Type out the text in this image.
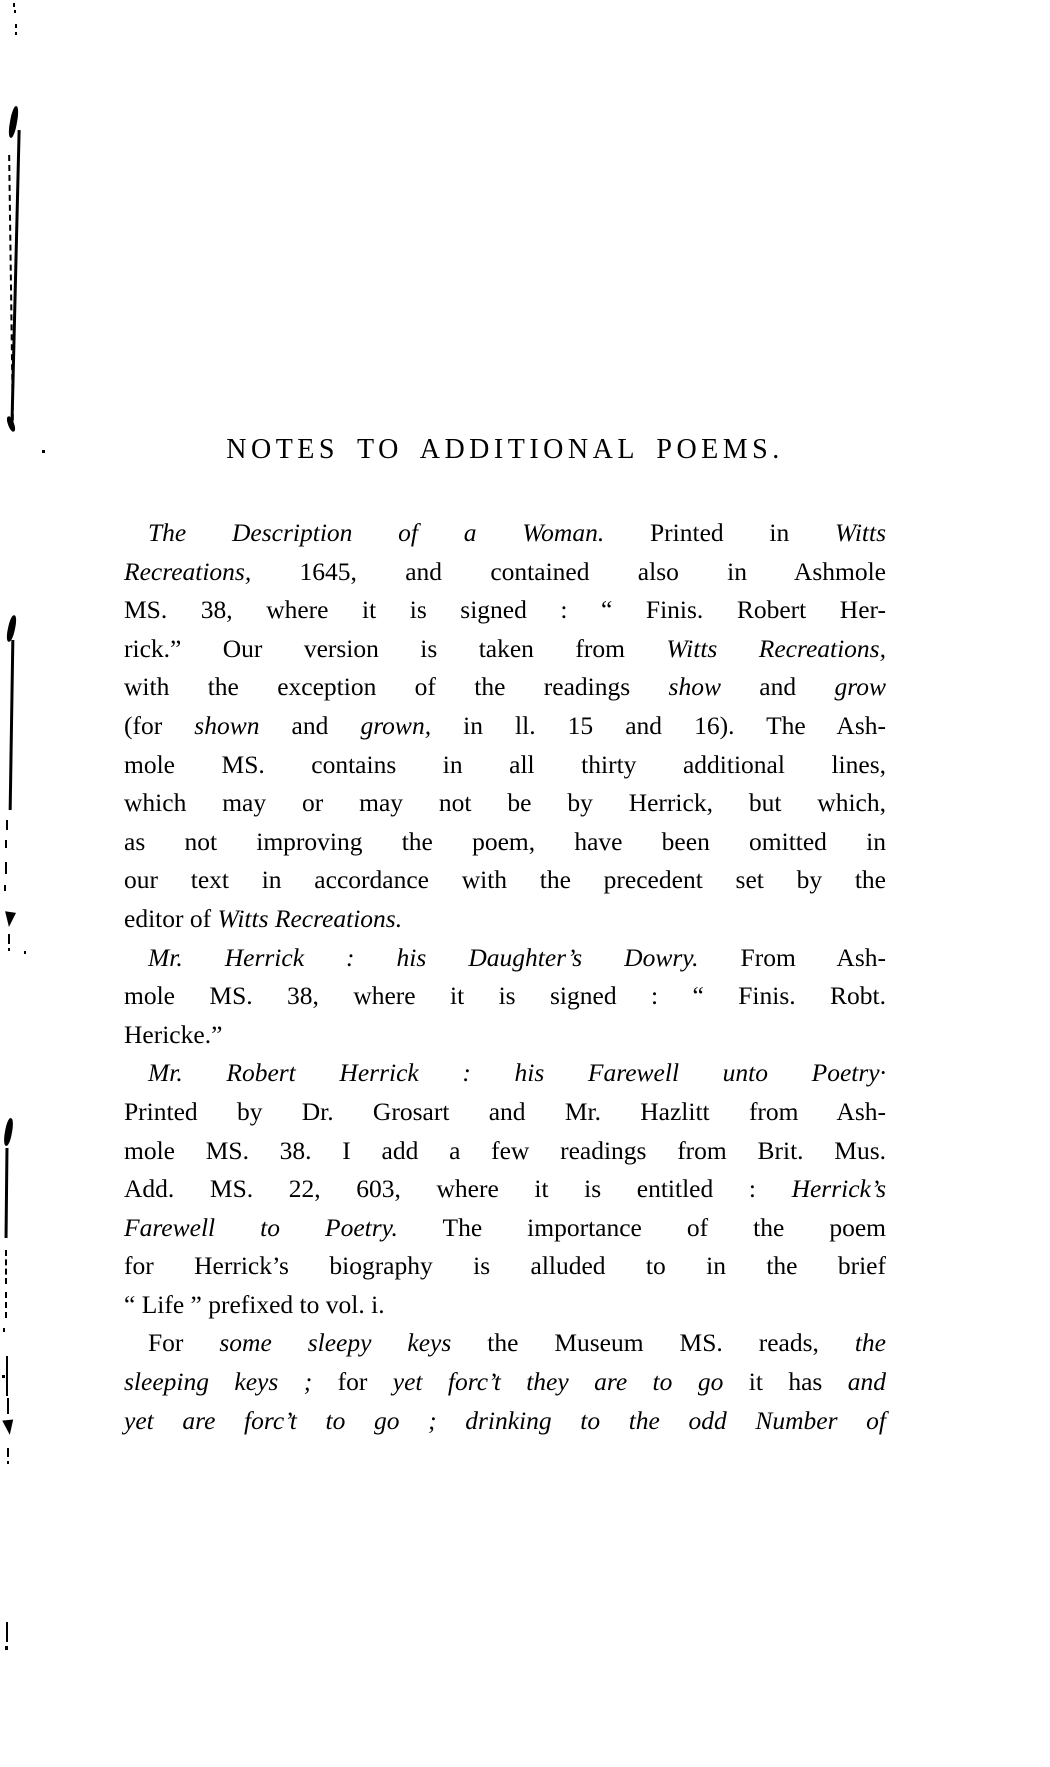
NOTES TO ADDITIONAL POEMS.
The Description of a Woman. Printed in Witts
Recreations, 1645, and contained also in Ashmole
MS. 38, where it is signed : “ Finis. Robert Her-
rick.” Our version is taken from Witts Recreations,
with the exception of the readings show and grow
(for shown and grown, in ll. 15 and 16). The Ash-
mole MS. contains in all thirty additional lines,
which may or may not be by Herrick, but which,
as not improving the poem, have been omitted in
our text in accordance with the precedent set by the
editor of Witts Recreations.
Mr. Herrick : his Daughter’s Dowry. From Ash-
mole MS. 38, where it is signed : “ Finis. Robt.
Hericke.”
Mr. Robert Herrick : his Farewell unto Poetry·
Printed by Dr. Grosart and Mr. Hazlitt from Ash-
mole MS. 38. I add a few readings from Brit. Mus.
Add. MS. 22, 603, where it is entitled : Herrick’s
Farewell to Poetry. The importance of the poem
for Herrick’s biography is alluded to in the brief
“ Life ” prefixed to vol. i.
For some sleepy keys the Museum MS. reads, the
sleeping keys ; for yet forc’t they are to go it has and
yet are forc’t to go ; drinking to the odd Number of
